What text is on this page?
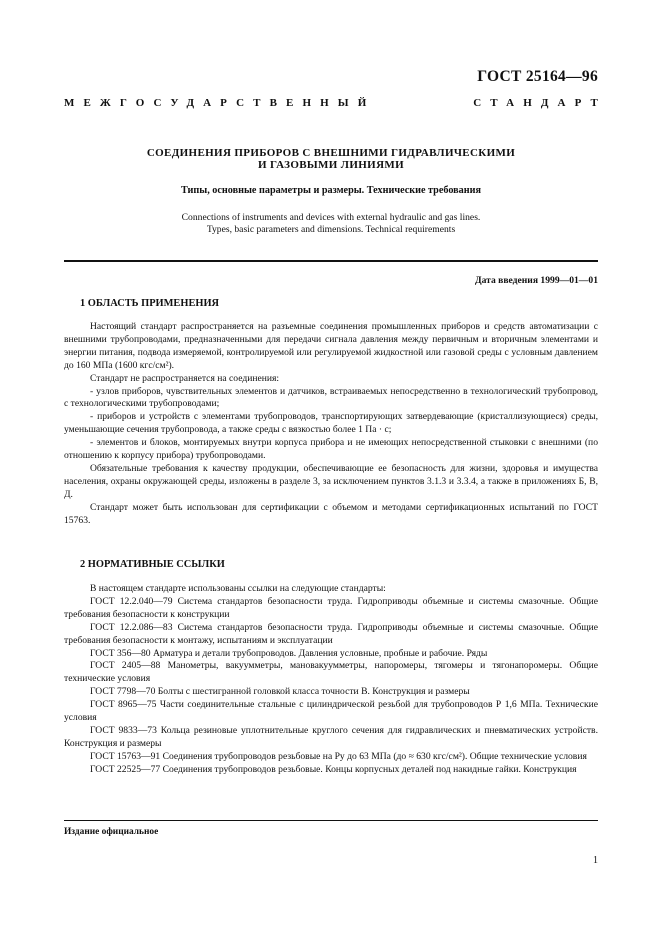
ГОСТ 25164—96
МЕЖГОСУДАРСТВЕННЫЙ	СТАНДАРТ
СОЕДИНЕНИЯ ПРИБОРОВ С ВНЕШНИМИ ГИДРАВЛИЧЕСКИМИ
И ГАЗОВЫМИ ЛИНИЯМИ
Типы, основные параметры и размеры. Технические требования
Connections of instruments and devices with external hydraulic and gas lines.
Types, basic parameters and dimensions. Technical requirements
Дата введения 1999—01—01
1 ОБЛАСТЬ ПРИМЕНЕНИЯ

Настоящий стандарт распространяется на разъемные соединения промышленных приборов и средств автоматизации с внешними трубопроводами, предназначенными для передачи сигнала давления между первичным и вторичным элементами и энергии питания, подвода измеряемой, контролируемой или регулируемой жидкостной или газовой среды с условным давлением до 160 МПа (1600 кгс/см²).

Стандарт не распространяется на соединения:

- узлов приборов, чувствительных элементов и датчиков, встраиваемых непосредственно в технологический трубопровод, с технологическими трубопроводами;

- приборов и устройств с элементами трубопроводов, транспортирующих затвердевающие (кристаллизующиеся) среды, уменьшающие сечения трубопровода, а также среды с вязкостью более 1 Па · с;

- элементов и блоков, монтируемых внутри корпуса прибора и не имеющих непосредственной стыковки с внешними (по отношению к корпусу прибора) трубопроводами.

Обязательные требования к качеству продукции, обеспечивающие ее безопасность для жизни, здоровья и имущества населения, охраны окружающей среды, изложены в разделе 3, за исключением пунктов 3.1.3 и 3.3.4, а также в приложениях Б, В, Д.

Стандарт может быть использован для сертификации с объемом и методами сертификационных испытаний по ГОСТ 15763.

2 НОРМАТИВНЫЕ ССЫЛКИ

В настоящем стандарте использованы ссылки на следующие стандарты:

ГОСТ 12.2.040—79 Система стандартов безопасности труда. Гидроприводы объемные и системы смазочные. Общие требования безопасности к конструкции

ГОСТ 12.2.086—83 Система стандартов безопасности труда. Гидроприводы объемные и системы смазочные. Общие требования безопасности к монтажу, испытаниям и эксплуатации

ГОСТ 356—80 Арматура и детали трубопроводов. Давления условные, пробные и рабочие. Ряды

ГОСТ 2405—88 Манометры, вакуумметры, мановакуумметры, напоромеры, тягомеры и тягонапоромеры. Общие технические условия

ГОСТ 7798—70 Болты с шестигранной головкой класса точности В. Конструкция и размеры

ГОСТ 8965—75 Части соединительные стальные с цилиндрической резьбой для трубопроводов Р 1,6 МПа. Технические условия

ГОСТ 9833—73 Кольца резиновые уплотнительные круглого сечения для гидравлических и пневматических устройств. Конструкция и размеры

ГОСТ 15763—91 Соединения трубопроводов резьбовые на Pу до 63 МПа (до ≈ 630 кгс/см²). Общие технические условия

ГОСТ 22525—77 Соединения трубопроводов резьбовые. Концы корпусных деталей под накидные гайки. Конструкция

Издание официальное
1
